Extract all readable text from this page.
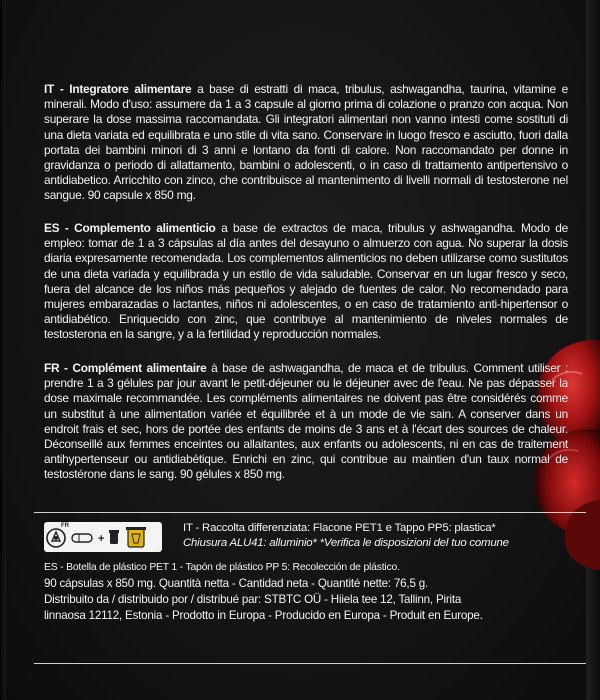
IT - Integratore alimentare a base di estratti di maca, tribulus, ashwagandha, taurina, vitamine e minerali. Modo d'uso: assumere da 1 a 3 capsule al giorno prima di colazione o pranzo con acqua. Non superare la dose massima raccomandata. Gli integratori alimentari non vanno intesti come sostituti di una dieta variata ed equilibrata e uno stile di vita sano. Conservare in luogo fresco e asciutto, fuori dalla portata dei bambini minori di 3 anni e lontano da fonti di calore. Non raccomandato per donne in gravidanza o periodo di allattamento, bambini o adolescenti, o in caso di trattamento antipertensivo o antidiabetico. Arricchito con zinco, che contribuisce al mantenimento di livelli normali di testosterone nel sangue. 90 capsule x 850 mg.
ES - Complemento alimenticio a base de extractos de maca, tribulus y ashwagandha. Modo de empleo: tomar de 1 a 3 cápsulas al día antes del desayuno o almuerzo con agua. No superar la dosis diaria expresamente recomendada. Los complementos alimenticios no deben utilizarse como sustitutos de una dieta variada y equilibrada y un estilo de vida saludable. Conservar en un lugar fresco y seco, fuera del alcance de los niños más pequeños y alejado de fuentes de calor. No recomendado para mujeres embarazadas o lactantes, niños ni adolescentes, o en caso de tratamiento anti-hipertensor o antidiabético. Enriquecido con zinc, que contribuye al mantenimiento de niveles normales de testosterona en la sangre, y a la fertilidad y reproducción normales.
FR - Complément alimentaire à base de ashwagandha, de maca et de tribulus. Comment utiliser : prendre 1 a 3 gélules par jour avant le petit-déjeuner ou le déjeuner avec de l'eau. Ne pas dépasser la dose maximale recommandée. Les compléments alimentaires ne doivent pas être considérés comme un substitut à une alimentation variée et équilibrée et à un mode de vie sain. A conserver dans un endroit frais et sec, hors de portée des enfants de moins de 3 ans et à l'écart des sources de chaleur. Déconseillé aux femmes enceintes ou allaitantes, aux enfants ou adolescents, ni en cas de traitement antihypertenseur ou antidiabétique. Enrichi en zinc, qui contribue au maintien d'un taux normal de testostérone dans le sang. 90 gélules x 850 mg.
FR
+
IT - Raccolta differenziata: Flacone PET1 e Tappo PP5: plastica*
Chiusura ALU41: alluminio* *Verifica le disposizioni del tuo comune
ES - Botella de plástico PET 1 - Tapón de plástico PP 5: Recolección de plástico.
90 cápsulas x 850 mg. Quantità netta - Cantidad neta - Quantité nette: 76,5 g.
Distribuito da / distribuido por / distribué par: STBTC OÜ - Hiiela tee 12, Tallinn, Pirita
linnaosa 12112, Estonia - Prodotto in Europa - Producido en Europa - Produit en Europe.
